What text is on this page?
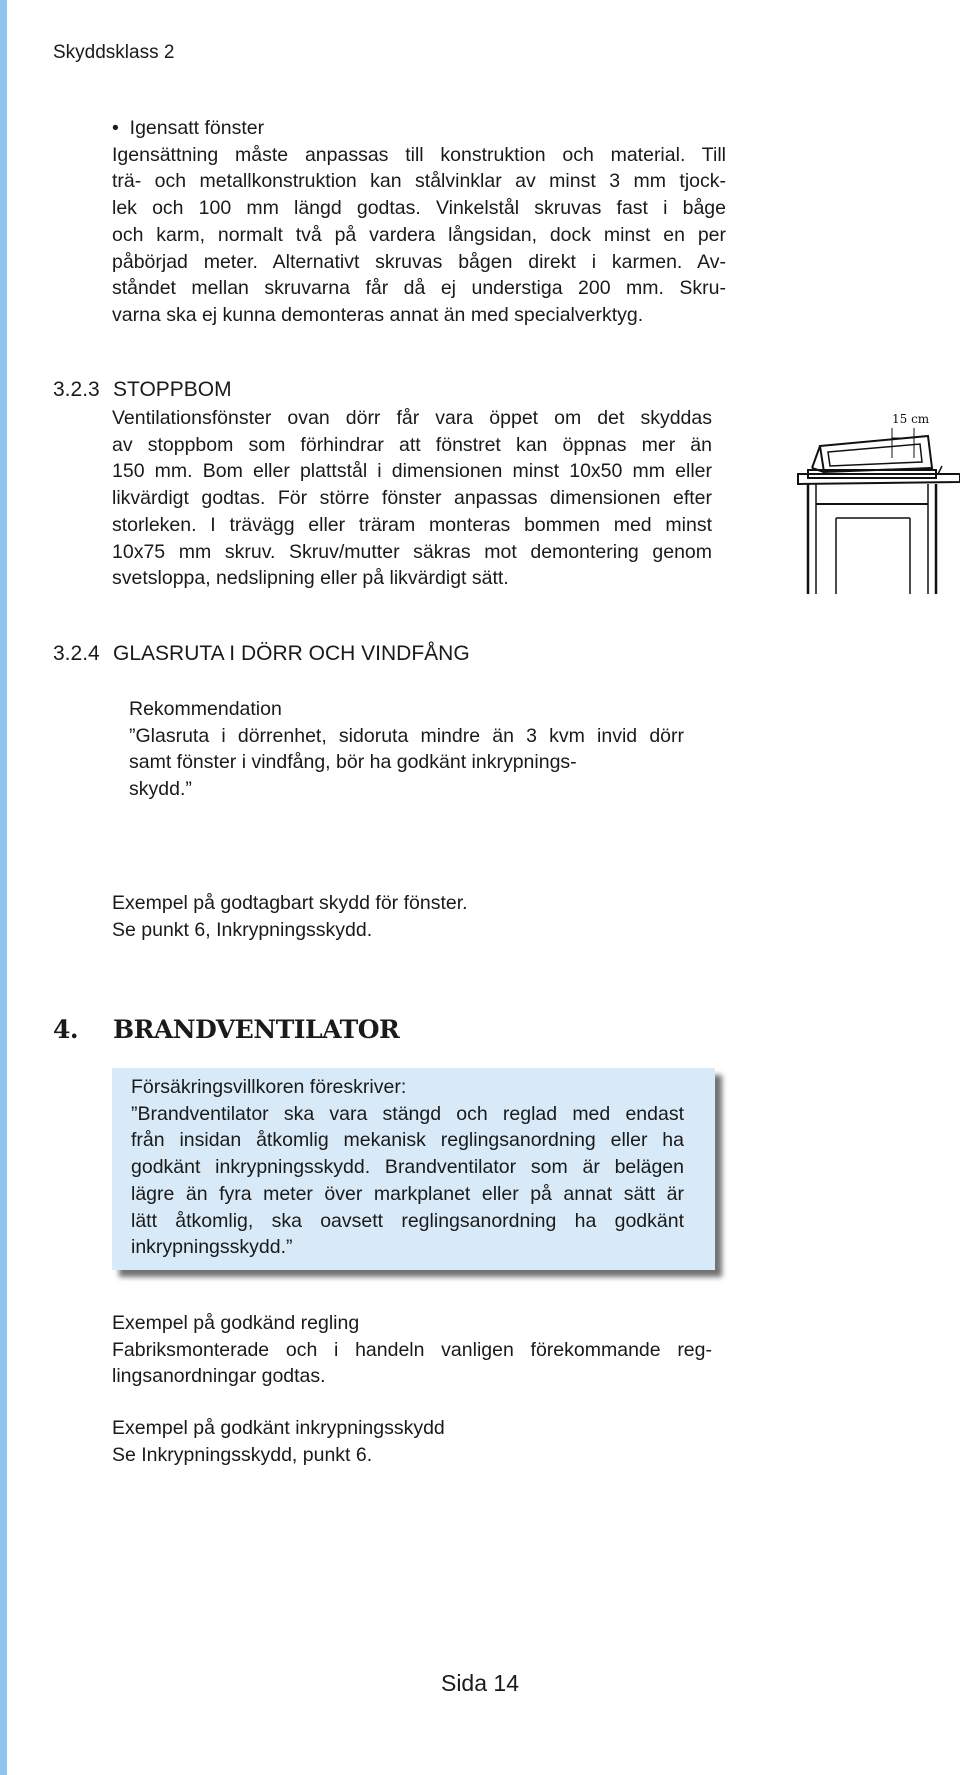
Skyddsklass 2
• Igensatt fönster
Igensättning måste anpassas till konstruktion och material. Till
trä- och metallkonstruktion kan stålvinklar av minst 3 mm tjock-
lek och 100 mm längd godtas. Vinkelstål skruvas fast i båge
och karm, normalt två på vardera långsidan, dock minst en per
påbörjad meter. Alternativt skruvas bågen direkt i karmen. Av-
ståndet mellan skruvarna får då ej understiga 200 mm. Skru-
varna ska ej kunna demonteras annat än med specialverktyg.
3.2.3 STOPPBOM
Ventilationsfönster ovan dörr får vara öppet om det skyddas
av stoppbom som förhindrar att fönstret kan öppnas mer än
150 mm. Bom eller plattstål i dimensionen minst 10x50 mm eller
likvärdigt godtas. För större fönster anpassas dimensionen efter
storleken. I trävägg eller träram monteras bommen med minst
10x75 mm skruv. Skruv/mutter säkras mot demontering genom
svetsloppa, nedslipning eller på likvärdigt sätt.
15 cm
3.2.4 GLASRUTA I DÖRR OCH VINDFÅNG
Rekommendation
”Glasruta i dörrenhet, sidoruta mindre än 3 kvm invid dörr
samt fönster i vindfång, bör ha godkänt inkrypnings-
skydd.”
Exempel på godtagbart skydd för fönster.
Se punkt 6, Inkrypningsskydd.
4. BRANDVENTILATOR
Försäkringsvillkoren föreskriver:
”Brandventilator ska vara stängd och reglad med endast
från insidan åtkomlig mekanisk reglingsanordning eller ha
godkänt inkrypningsskydd. Brandventilator som är belägen
lägre än fyra meter över markplanet eller på annat sätt är
lätt åtkomlig, ska oavsett reglingsanordning ha godkänt
inkrypningsskydd.”
Exempel på godkänd regling
Fabriksmonterade och i handeln vanligen förekommande reg-
lingsanordningar godtas.
Exempel på godkänt inkrypningsskydd
Se Inkrypningsskydd, punkt 6.
Sida 14
